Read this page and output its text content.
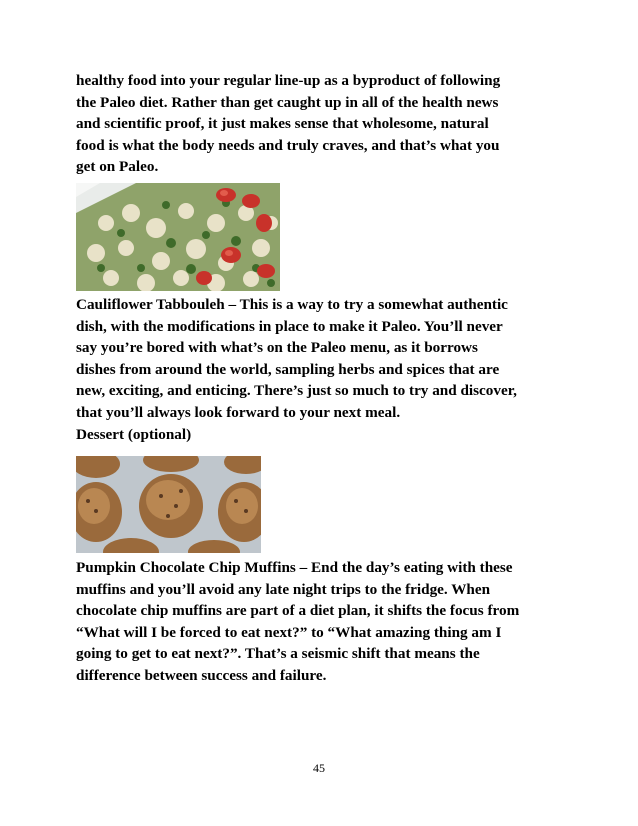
healthy food into your regular line-up as a byproduct of following
the Paleo diet. Rather than get caught up in all of the health news
and scientific proof, it just makes sense that wholesome, natural
food is what the body needs and truly craves, and that’s what you
get on Paleo.

Cauliflower Tabbouleh – This is a way to try a somewhat authentic
dish, with the modifications in place to make it Paleo. You’ll never
say you’re bored with what’s on the Paleo menu, as it borrows
dishes from around the world, sampling herbs and spices that are
new, exciting, and enticing. There’s just so much to try and discover,
that you’ll always look forward to your next meal.

Dessert (optional)

Pumpkin Chocolate Chip Muffins – End the day’s eating with these
muffins and you’ll avoid any late night trips to the fridge. When
chocolate chip muffins are part of a diet plan, it shifts the focus from
“What will I be forced to eat next?” to “What amazing thing am I
going to get to eat next?”. That’s a seismic shift that means the
difference between success and failure.

45
